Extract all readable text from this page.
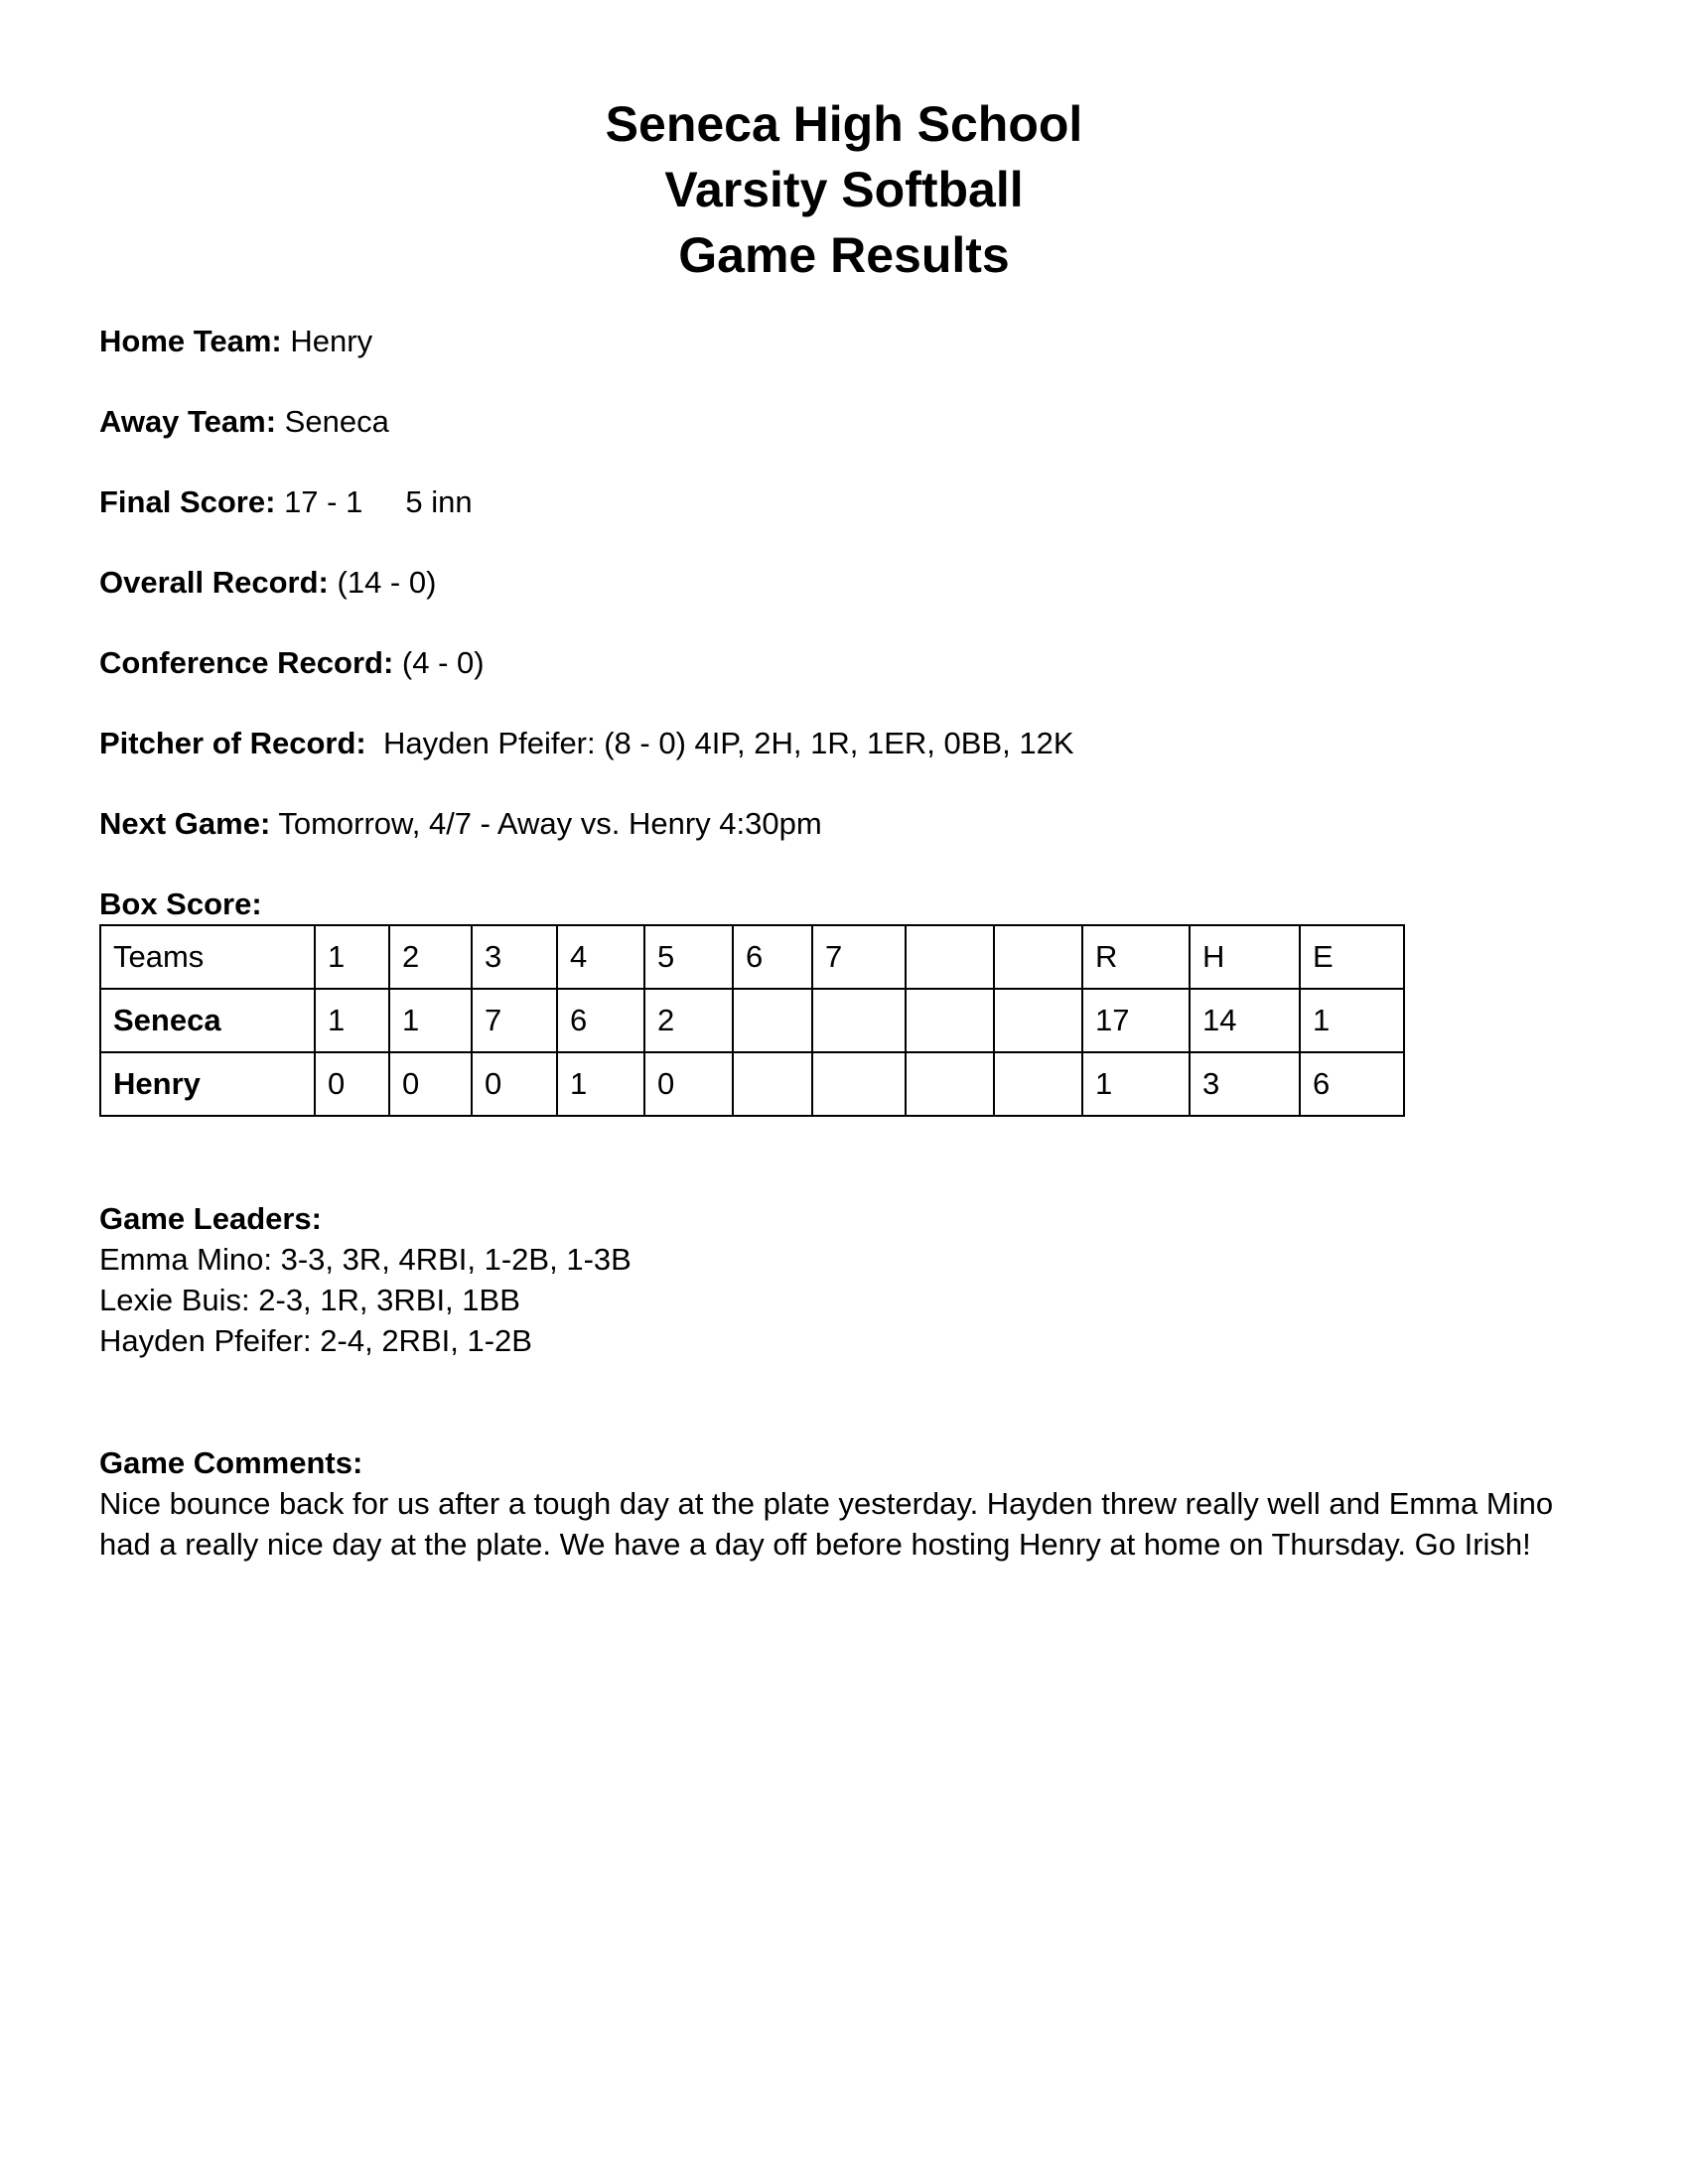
Seneca High School
Varsity Softball
Game Results

Home Team: Henry

Away Team: Seneca

Final Score: 17 - 1     5 inn

Overall Record: (14 - 0)

Conference Record: (4 - 0)

Pitcher of Record: Hayden Pfeifer: (8 - 0) 4IP, 2H, 1R, 1ER, 0BB, 12K

Next Game: Tomorrow, 4/7 - Away vs. Henry 4:30pm

Box Score:
Teams	1	2	3	4	5	6	7			R	H	E
Seneca	1	1	7	6	2					17	14	1
Henry	0	0	0	1	0					1	3	6
Game Leaders:
Emma Mino: 3-3, 3R, 4RBI, 1-2B, 1-3B
Lexie Buis: 2-3, 1R, 3RBI, 1BB
Hayden Pfeifer: 2-4, 2RBI, 1-2B
Game Comments:
Nice bounce back for us after a tough day at the plate yesterday. Hayden threw really well and Emma Mino had a really nice day at the plate. We have a day off before hosting Henry at home on Thursday. Go Irish!
